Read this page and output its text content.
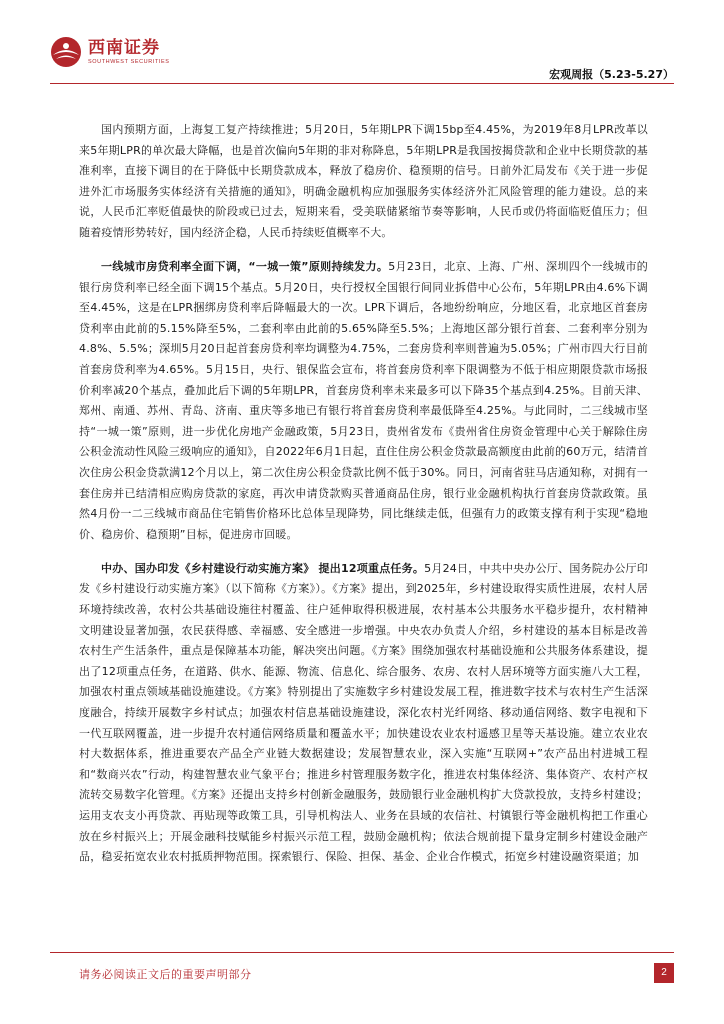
西南证券
SOUTHWEST SECURITIES
宏观周报（5.23-5.27）

国内预期方面，上海复工复产持续推进；5月20日，5年期LPR下调15bp至4.45%，为2019年8月LPR改革以来5年期LPR的单次最大降幅，也是首次偏向5年期的非对称降息，5年期LPR是我国按揭贷款和企业中长期贷款的基准利率，直接下调目的在于降低中长期贷款成本，释放了稳房价、稳预期的信号。日前外汇局发布《关于进一步促进外汇市场服务实体经济有关措施的通知》，明确金融机构应加强服务实体经济外汇风险管理的能力建设。总的来说，人民币汇率贬值最快的阶段或已过去，短期来看，受美联储紧缩节奏等影响，人民币或仍将面临贬值压力；但随着疫情形势转好，国内经济企稳，人民币持续贬值概率不大。

一线城市房贷利率全面下调，“一城一策”原则持续发力。5月23日，北京、上海、广州、深圳四个一线城市的银行房贷利率已经全面下调15个基点。5月20日，央行授权全国银行间同业拆借中心公布，5年期LPR由4.6%下调至4.45%，这是在LPR捆绑房贷利率后降幅最大的一次。LPR下调后，各地纷纷响应，分地区看，北京地区首套房贷利率由此前的5.15%降至5%，二套利率由此前的5.65%降至5.5%；上海地区部分银行首套、二套利率分别为4.8%、5.5%；深圳5月20日起首套房贷利率均调整为4.75%，二套房贷利率则普遍为5.05%；广州市四大行目前首套房贷利率为4.65%。5月15日，央行、银保监会宣布，将首套房贷利率下限调整为不低于相应期限贷款市场报价利率减20个基点，叠加此后下调的5年期LPR，首套房贷利率未来最多可以下降35个基点到4.25%。目前天津、郑州、南通、苏州、青岛、济南、重庆等多地已有银行将首套房贷利率最低降至4.25%。与此同时，二三线城市坚持“一城一策”原则，进一步优化房地产金融政策，5月23日，贵州省发布《贵州省住房资金管理中心关于解除住房公积金流动性风险三级响应的通知》，自2022年6月1日起，直住住房公积金贷款最高额度由此前的60万元，结清首次住房公积金贷款满12个月以上，第二次住房公积金贷款比例不低于30%。同日，河南省驻马店通知称，对拥有一套住房并已结清相应购房贷款的家庭，再次申请贷款购买普通商品住房，银行业金融机构执行首套房贷款政策。虽然4月份一二三线城市商品住宅销售价格环比总体呈现降势，同比继续走低，但强有力的政策支撑有利于实现“稳地价、稳房价、稳预期”目标，促进房市回暖。

中办、国办印发《乡村建设行动实施方案》 提出12项重点任务。5月24日，中共中央办公厅、国务院办公厅印发《乡村建设行动实施方案》（以下简称《方案》）。《方案》提出，到2025年，乡村建设取得实质性进展，农村人居环境持续改善，农村公共基础设施往村覆盖、往户延伸取得积极进展，农村基本公共服务水平稳步提升，农村精神文明建设显著加强，农民获得感、幸福感、安全感进一步增强。中央农办负责人介绍，乡村建设的基本目标是改善农村生产生活条件，重点是保障基本功能，解决突出问题。《方案》围绕加强农村基础设施和公共服务体系建设，提出了12项重点任务，在道路、供水、能源、物流、信息化、综合服务、农房、农村人居环境等方面实施八大工程，加强农村重点领域基础设施建设。《方案》特别提出了实施数字乡村建设发展工程，推进数字技术与农村生产生活深度融合，持续开展数字乡村试点；加强农村信息基础设施建设，深化农村光纤网络、移动通信网络、数字电视和下一代互联网覆盖，进一步提升农村通信网络质量和覆盖水平；加快建设农业农村遥感卫星等天基设施。建立农业农村大数据体系，推进重要农产品全产业链大数据建设；发展智慧农业，深入实施“互联网+”农产品出村进城工程和“数商兴农”行动，构建智慧农业气象平台；推进乡村管理服务数字化，推进农村集体经济、集体资产、农村产权流转交易数字化管理。《方案》还提出支持乡村创新金融服务，鼓励银行业金融机构扩大贷款投放，支持乡村建设；运用支农支小再贷款、再贴现等政策工具，引导机构法人、业务在县域的农信社、村镇银行等金融机构把工作重心放在乡村振兴上；开展金融科技赋能乡村振兴示范工程，鼓励金融机构；依法合规前提下量身定制乡村建设金融产品，稳妥拓宽农业农村抵质押物范围。探索银行、保险、担保、基金、企业合作模式，拓宽乡村建设融资渠道；加

请务必阅读正文后的重要声明部分	2
